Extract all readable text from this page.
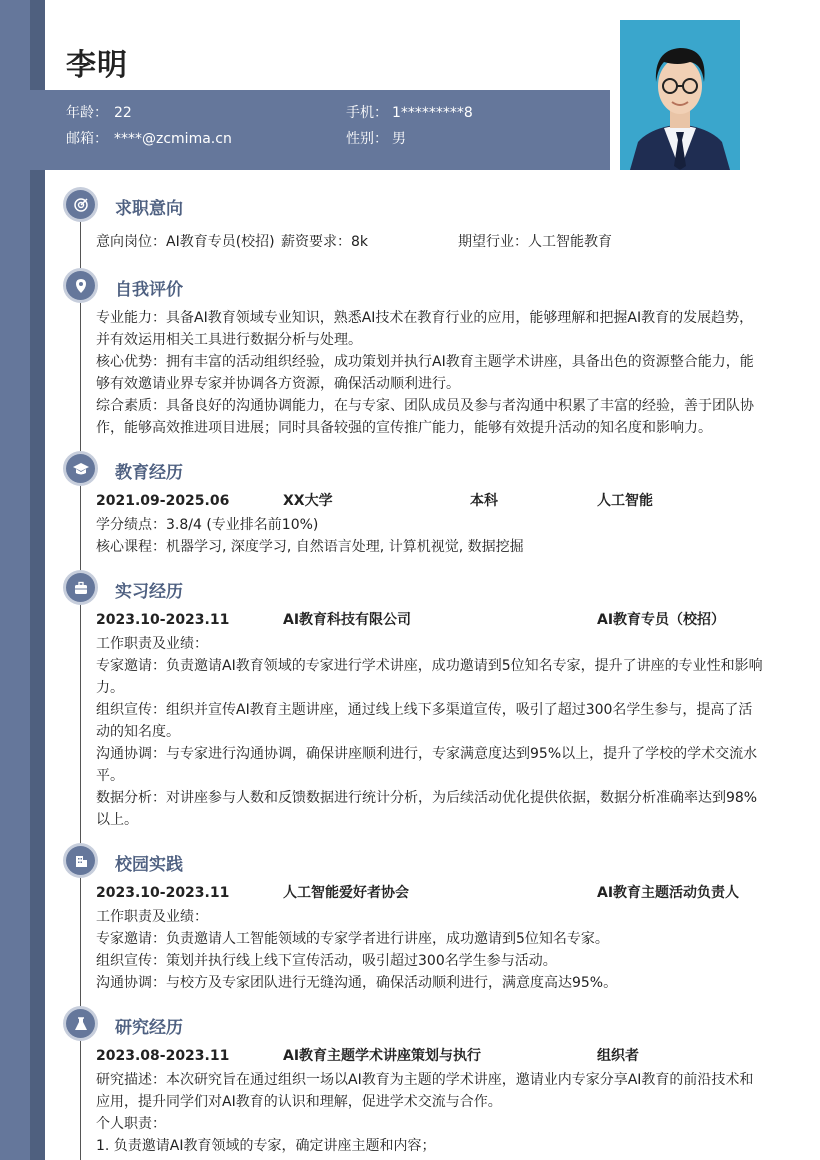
李明
年龄： 22	手机： 1*********8
邮箱： ****@zcmima.cn	性别： 男
求职意向
意向岗位：AI教育专员(校招) 薪资要求：8k	期望行业：人工智能教育
自我评价
专业能力：具备AI教育领域专业知识，熟悉AI技术在教育行业的应用，能够理解和把握AI教育的发展趋势，并有效运用相关工具进行数据分析与处理。
核心优势：拥有丰富的活动组织经验，成功策划并执行AI教育主题学术讲座，具备出色的资源整合能力，能够有效邀请业界专家并协调各方资源，确保活动顺利进行。
综合素质：具备良好的沟通协调能力，在与专家、团队成员及参与者沟通中积累了丰富的经验，善于团队协作，能够高效推进项目进展；同时具备较强的宣传推广能力，能够有效提升活动的知名度和影响力。
教育经历
2021.09-2025.06	XX大学	本科	人工智能
学分绩点：3.8/4 (专业排名前10%)
核心课程：机器学习, 深度学习, 自然语言处理, 计算机视觉, 数据挖掘
实习经历
2023.10-2023.11	AI教育科技有限公司	AI教育专员（校招）
工作职责及业绩：
专家邀请：负责邀请AI教育领域的专家进行学术讲座，成功邀请到5位知名专家，提升了讲座的专业性和影响力。
组织宣传：组织并宣传AI教育主题讲座，通过线上线下多渠道宣传，吸引了超过300名学生参与，提高了活动的知名度。
沟通协调：与专家进行沟通协调，确保讲座顺利进行，专家满意度达到95%以上，提升了学校的学术交流水平。
数据分析：对讲座参与人数和反馈数据进行统计分析，为后续活动优化提供依据，数据分析准确率达到98%以上。
校园实践
2023.10-2023.11	人工智能爱好者协会	AI教育主题活动负责人
工作职责及业绩：
专家邀请：负责邀请人工智能领域的专家学者进行讲座，成功邀请到5位知名专家。
组织宣传：策划并执行线上线下宣传活动，吸引超过300名学生参与活动。
沟通协调：与校方及专家团队进行无缝沟通，确保活动顺利进行，满意度高达95%。
研究经历
2023.08-2023.11	AI教育主题学术讲座策划与执行	组织者
研究描述：本次研究旨在通过组织一场以AI教育为主题的学术讲座，邀请业内专家分享AI教育的前沿技术和应用，提升同学们对AI教育的认识和理解，促进学术交流与合作。
个人职责：
1. 负责邀请AI教育领域的专家，确定讲座主题和内容；
